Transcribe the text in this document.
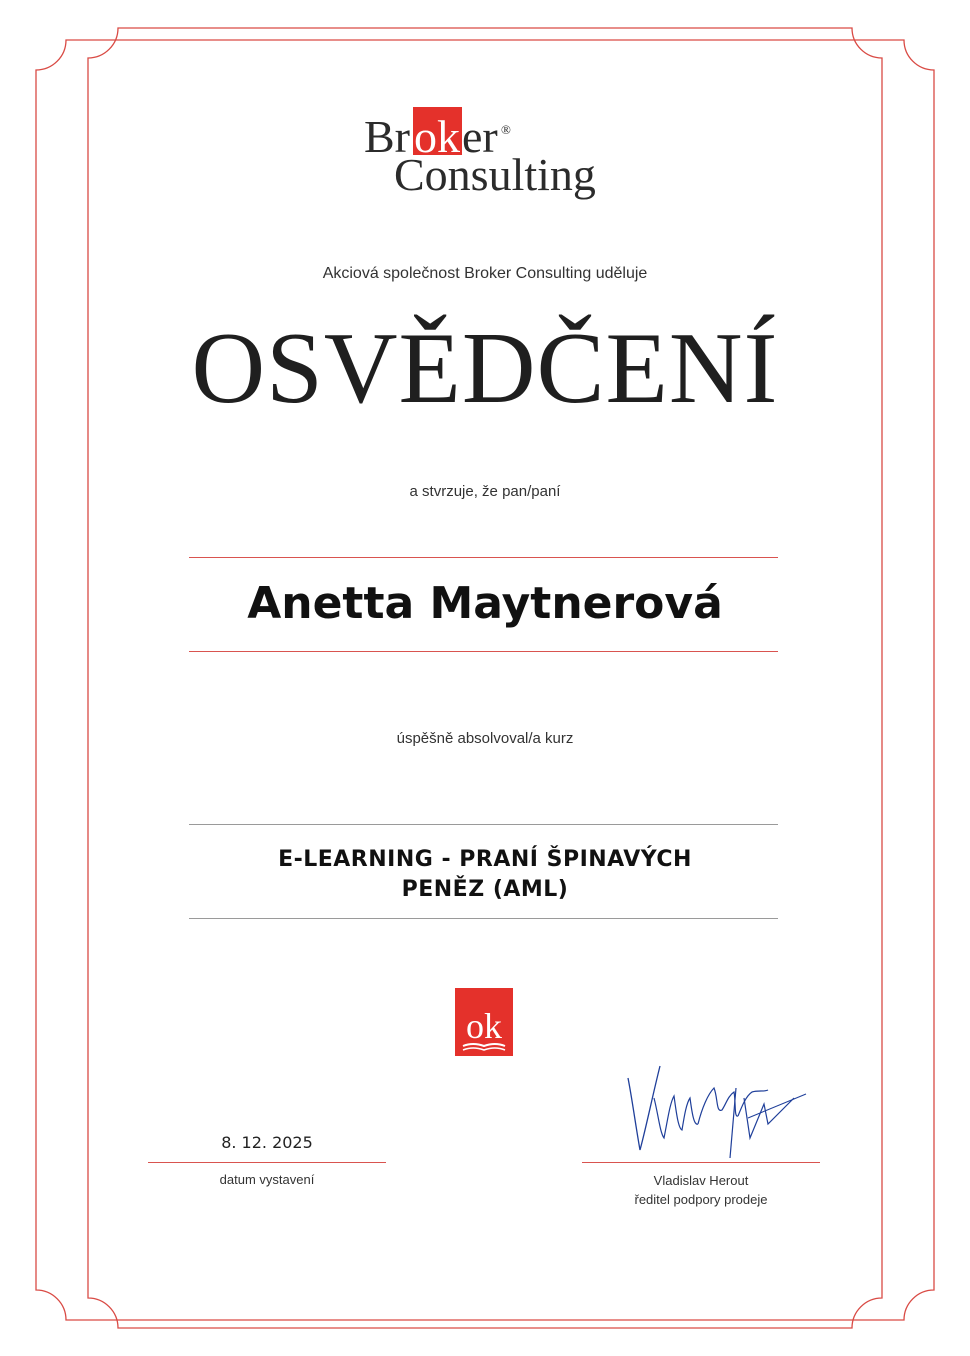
Br ok er ®
Consulting
Akciová společnost Broker Consulting uděluje
OSVĚDČENÍ
a stvrzuje, že pan/paní
Anetta Maytnerová
úspěšně absolvoval/a kurz
E-LEARNING - PRANÍ ŠPINAVÝCH
PENĚZ (AML)
ok
8. 12. 2025
datum vystavení	Vladislav Herout
ředitel podpory prodeje
